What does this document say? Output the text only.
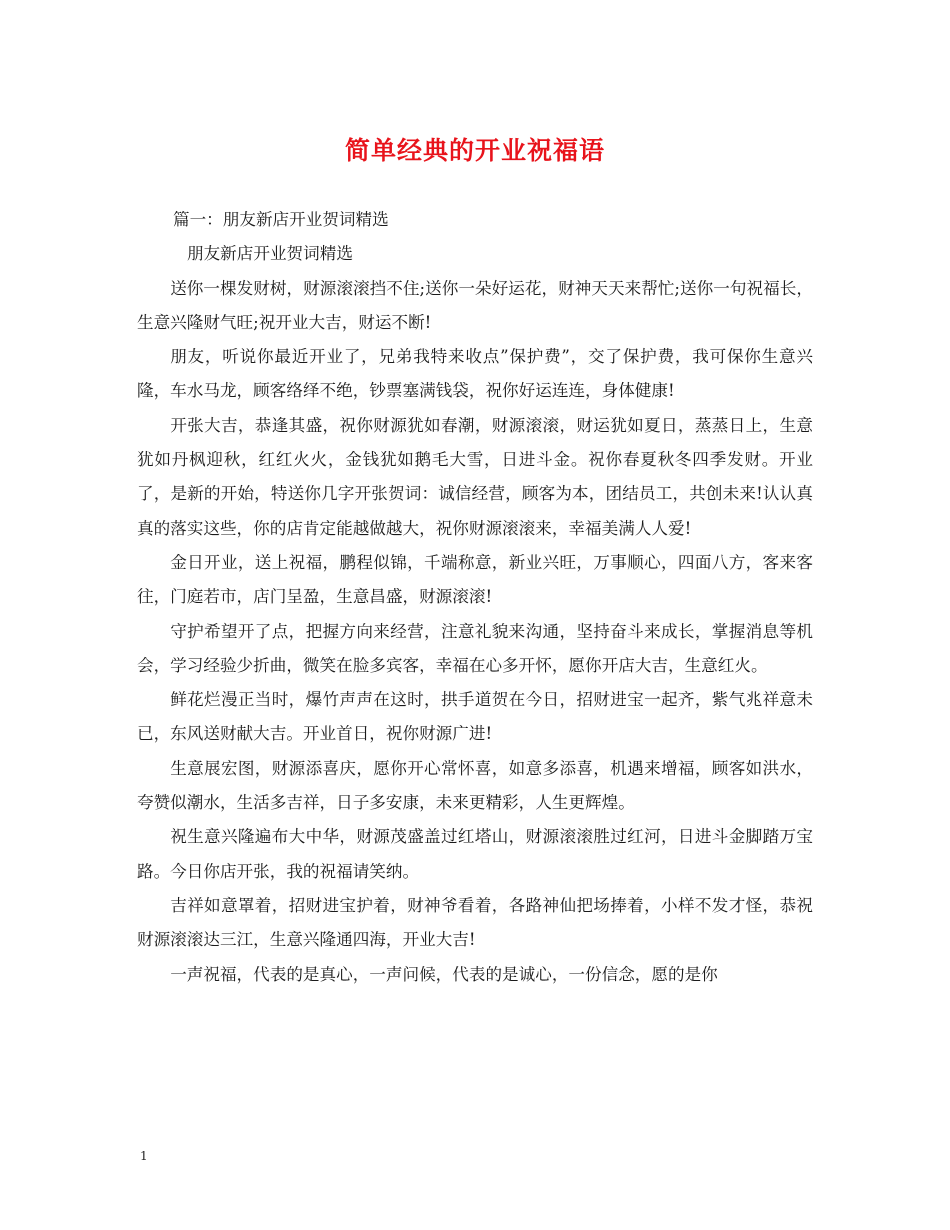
简单经典的开业祝福语

篇一：朋友新店开业贺词精选

朋友新店开业贺词精选

送你一棵发财树，财源滚滚挡不住;送你一朵好运花，财神天天来帮忙;送你一句祝福长，生意兴隆财气旺;祝开业大吉，财运不断!

朋友，听说你最近开业了，兄弟我特来收点”保护费”，交了保护费，我可保你生意兴隆，车水马龙，顾客络绎不绝，钞票塞满钱袋，祝你好运连连，身体健康!

开张大吉，恭逢其盛，祝你财源犹如春潮，财源滚滚，财运犹如夏日，蒸蒸日上，生意犹如丹枫迎秋，红红火火，金钱犹如鹅毛大雪，日进斗金。祝你春夏秋冬四季发财。开业了，是新的开始，特送你几字开张贺词：诚信经营，顾客为本，团结员工，共创未来!认认真真的落实这些，你的店肯定能越做越大，祝你财源滚滚来，幸福美满人人爱!

金日开业，送上祝福，鹏程似锦，千端称意，新业兴旺，万事顺心，四面八方，客来客往，门庭若市，店门呈盈，生意昌盛，财源滚滚!

守护希望开了点，把握方向来经营，注意礼貌来沟通，坚持奋斗来成长，掌握消息等机会，学习经验少折曲，微笑在脸多宾客，幸福在心多开怀，愿你开店大吉，生意红火。

鲜花烂漫正当时，爆竹声声在这时，拱手道贺在今日，招财进宝一起齐，紫气兆祥意未已，东风送财献大吉。开业首日，祝你财源广进!

生意展宏图，财源添喜庆，愿你开心常怀喜，如意多添喜，机遇来增福，顾客如洪水，夸赞似潮水，生活多吉祥，日子多安康，未来更精彩，人生更辉煌。

祝生意兴隆遍布大中华，财源茂盛盖过红塔山，财源滚滚胜过红河，日进斗金脚踏万宝路。今日你店开张，我的祝福请笑纳。

吉祥如意罩着，招财进宝护着，财神爷看着，各路神仙把场捧着，小样不发才怪，恭祝财源滚滚达三江，生意兴隆通四海，开业大吉!

一声祝福，代表的是真心，一声问候，代表的是诚心，一份信念，愿的是你

1
